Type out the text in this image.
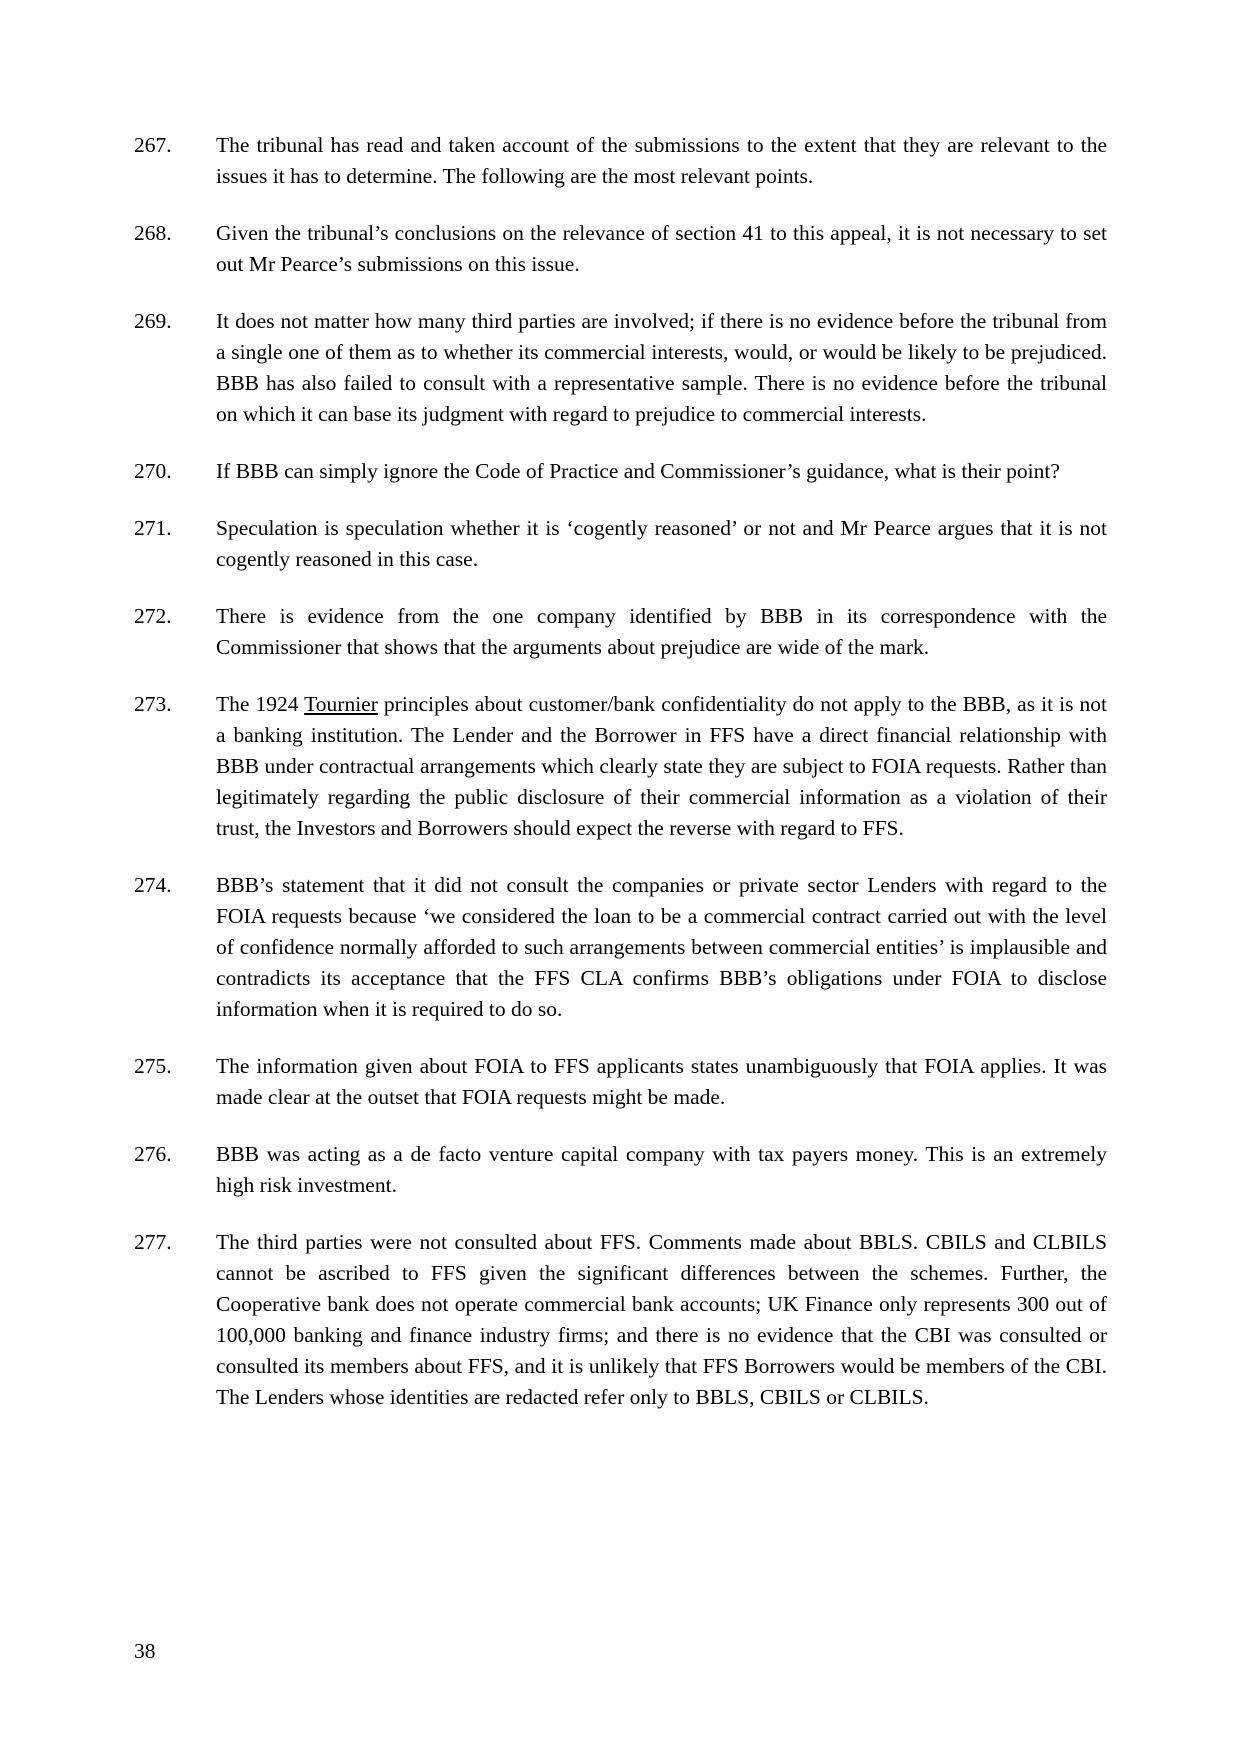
267.	The tribunal has read and taken account of the submissions to the extent that they are relevant to the issues it has to determine. The following are the most relevant points.
268.	Given the tribunal’s conclusions on the relevance of section 41 to this appeal, it is not necessary to set out Mr Pearce’s submissions on this issue.
269.	It does not matter how many third parties are involved; if there is no evidence before the tribunal from a single one of them as to whether its commercial interests, would, or would be likely to be prejudiced. BBB has also failed to consult with a representative sample. There is no evidence before the tribunal on which it can base its judgment with regard to prejudice to commercial interests.
270.	If BBB can simply ignore the Code of Practice and Commissioner’s guidance, what is their point?
271.	Speculation is speculation whether it is ‘cogently reasoned’ or not and Mr Pearce argues that it is not cogently reasoned in this case.
272.	There is evidence from the one company identified by BBB in its correspondence with the Commissioner that shows that the arguments about prejudice are wide of the mark.
273.	The 1924 Tournier principles about customer/bank confidentiality do not apply to the BBB, as it is not a banking institution. The Lender and the Borrower in FFS have a direct financial relationship with BBB under contractual arrangements which clearly state they are subject to FOIA requests. Rather than legitimately regarding the public disclosure of their commercial information as a violation of their trust, the Investors and Borrowers should expect the reverse with regard to FFS.
274.	BBB’s statement that it did not consult the companies or private sector Lenders with regard to the FOIA requests because ‘we considered the loan to be a commercial contract carried out with the level of confidence normally afforded to such arrangements between commercial entities’ is implausible and contradicts its acceptance that the FFS CLA confirms BBB’s obligations under FOIA to disclose information when it is required to do so.
275.	The information given about FOIA to FFS applicants states unambiguously that FOIA applies. It was made clear at the outset that FOIA requests might be made.
276.	BBB was acting as a de facto venture capital company with tax payers money. This is an extremely high risk investment.
277.	The third parties were not consulted about FFS. Comments made about BBLS. CBILS and CLBILS cannot be ascribed to FFS given the significant differences between the schemes. Further, the Cooperative bank does not operate commercial bank accounts; UK Finance only represents 300 out of 100,000 banking and finance industry firms; and there is no evidence that the CBI was consulted or consulted its members about FFS, and it is unlikely that FFS Borrowers would be members of the CBI. The Lenders whose identities are redacted refer only to BBLS, CBILS or CLBILS.
38
